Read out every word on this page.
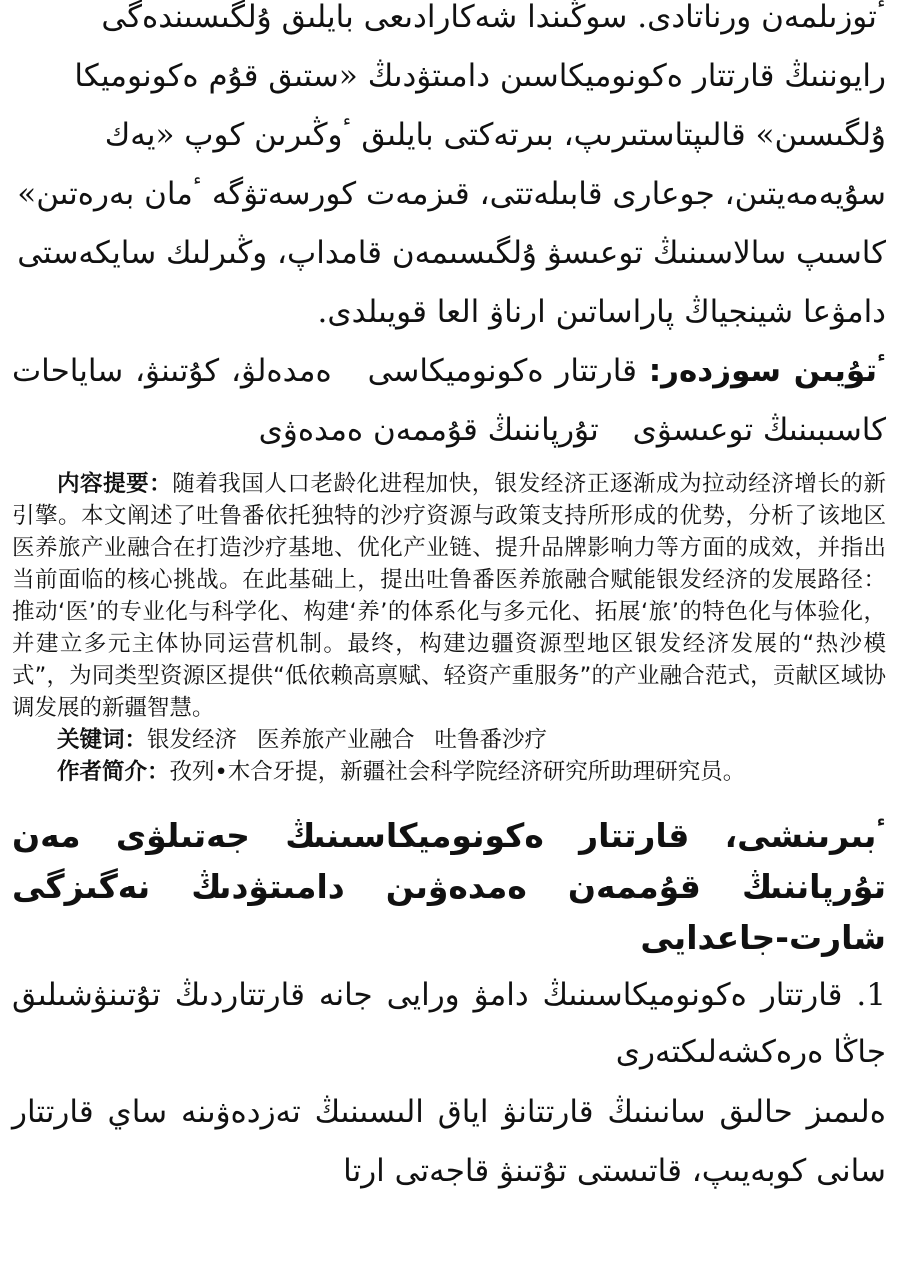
ٴتوزىلمەن ورناتادى. سوڭىندا شەكارادىعى بايلىق ۇلگىسىندەگى

رايوننىڭ قارتتار ەكونوميكاسىن دامىتۋدىڭ «ستىق قۇم ەكونوميكا

ۇلگىسىن» قالىپتاستىرىپ، بىرتەكتى بايلىق ٴوڭىرىن كوپ «يەك

سۇيەمەيتىن، جوعارى قابىلەتتى، قىزمەت كورسەتۋگە ٴمان بەرەتىن»

كاسىپ سالاسىنىڭ توعىسۋ ۇلگىسىمەن قامداپ، وڭىرلىك سايكەستى

دامۋعا شينجياڭ پاراساتىن ارناۋ العا قويىلدى.

ٴتۇيىن سوزدەر: قارتتار ەكونوميكاسى ەمدەلۋ، كۇتىنۋ، ساياحات كاسىبىنىڭ توعىسۋى تۇرپاننىڭ قۇممەن ەمدەۋى

内容提要：随着我国人口老龄化进程加快，银发经济正逐渐成为拉动经济增长的新引擎。本文阐述了吐鲁番依托独特的沙疗资源与政策支持所形成的优势，分析了该地区医养旅产业融合在打造沙疗基地、优化产业链、提升品牌影响力等方面的成效，并指出当前面临的核心挑战。在此基础上，提出吐鲁番医养旅融合赋能银发经济的发展路径：推动‘医’的专业化与科学化、构建‘养’的体系化与多元化、拓展‘旅’的特色化与体验化，并建立多元主体协同运营机制。最终，构建边疆资源型地区银发经济发展的“热沙模式”，为同类型资源区提供“低依赖高禀赋、轻资产重服务”的产业融合范式，贡献区域协调发展的新疆智慧。

关键词：银发经济 医养旅产业融合 吐鲁番沙疗

作者简介：孜列•木合牙提，新疆社会科学院经济研究所助理研究员。

ٴبىرىنشى، قارتتار ەكونوميكاسىنىڭ جەتىلۋى مەن تۇرپاننىڭ قۇممەن ەمدەۋىن دامىتۋدىڭ نەگىزگى شارت-جاعدايى
1. قارتتار ەكونوميكاسىنىڭ دامۋ ورايى جانە قارتتاردىڭ تۇتىنۋشىلىق جاڭا ەرەكشەلىكتەرى
ەلىمىز حالىق سانىنىڭ قارتتانۋ اياق الىسىنىڭ تەزدەۋىنە ساي قارتتار سانى كوبەيىپ، قاتىستى تۇتىنۋ قاجەتى ارتا
